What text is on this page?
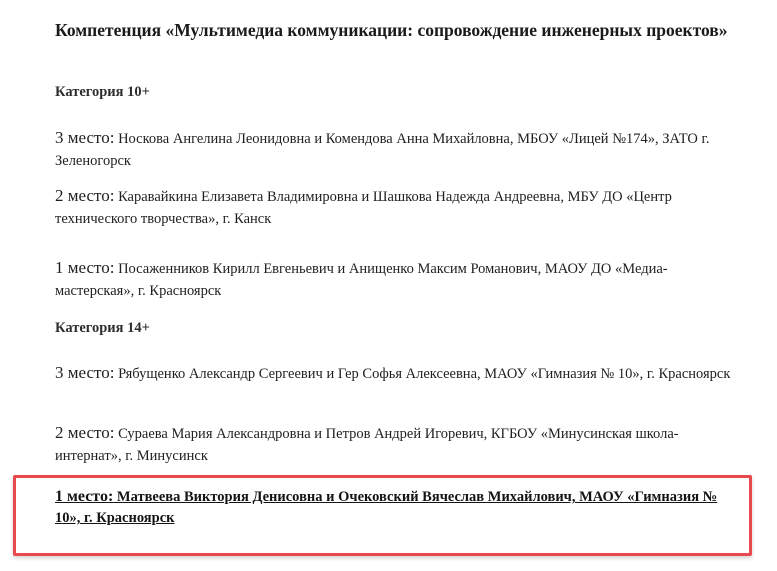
Компетенция «Мультимедиа коммуникации: сопровождение инженерных проектов»
Категория 10+
3 место: Носкова Ангелина Леонидовна и Комендова Анна Михайловна, МБОУ «Лицей №174», ЗАТО г. Зеленогорск
2 место: Каравайкина Елизавета Владимировна и Шашкова Надежда Андреевна, МБУ ДО «Центр технического творчества», г. Канск
1 место: Посаженников Кирилл Евгеньевич и Анищенко Максим Романович, МАОУ ДО «Медиа-мастерская», г. Красноярск
Категория 14+
3 место: Рябущенко Александр Сергеевич и Гер Софья Алексеевна, МАОУ «Гимназия № 10», г. Красноярск
2 место: Сураева Мария Александровна и Петров Андрей Игоревич, КГБОУ «Минусинская школа-интернат», г. Минусинск
1 место: Матвеева Виктория Денисовна и Очековский Вячеслав Михайлович, МАОУ «Гимназия № 10», г. Красноярск
